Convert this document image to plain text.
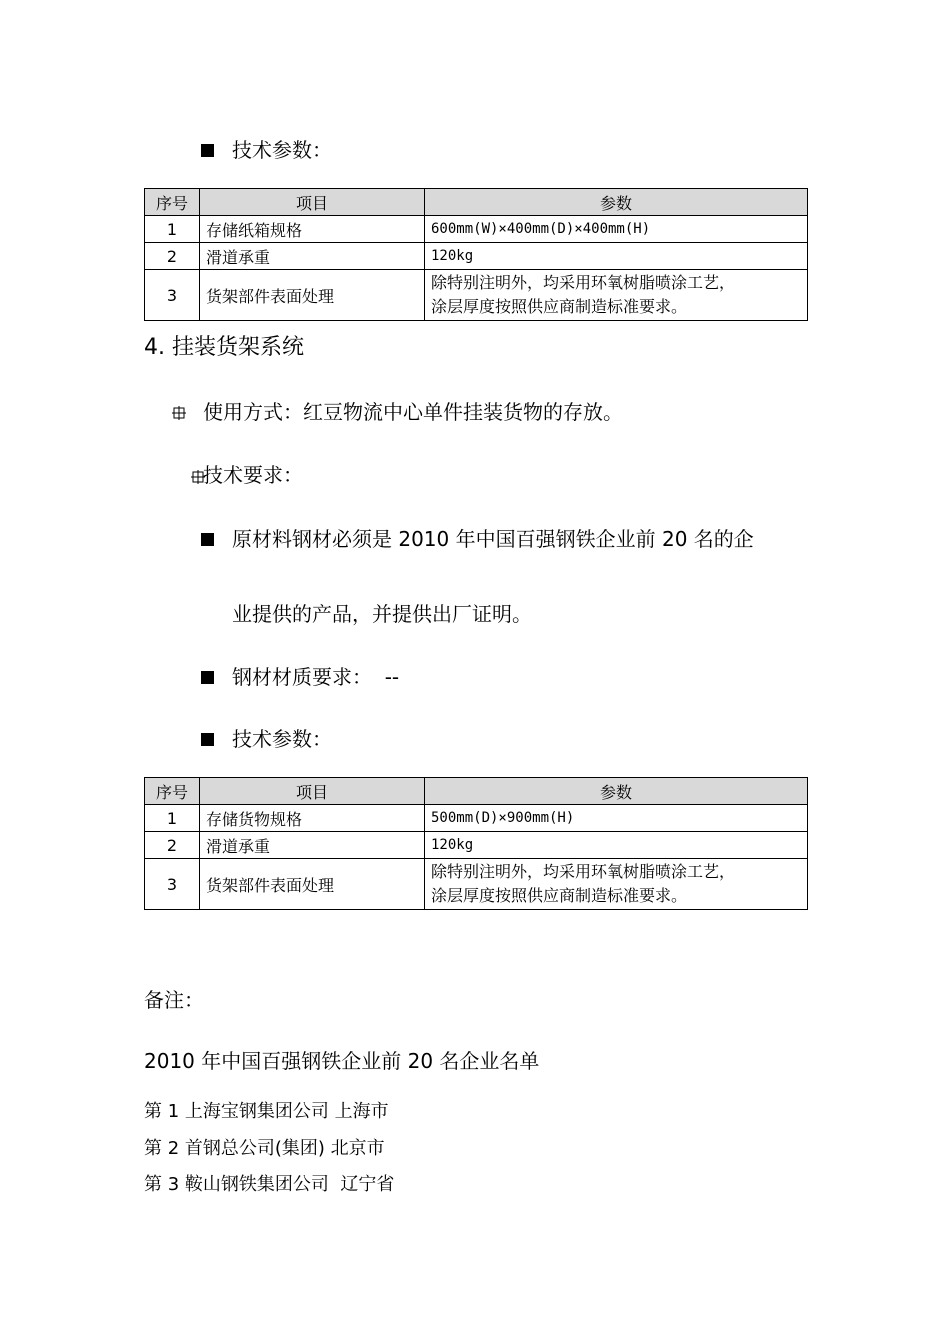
技术参数：
序号	项目	参数
1	存储纸箱规格	600mm(W)×400mm(D)×400mm(H)
2	滑道承重	120kg
3	货架部件表面处理	除特别注明外，均采用环氧树脂喷涂工艺，
涂层厚度按照供应商制造标准要求。
4. 挂装货架系统

使用方式：红豆物流中心单件挂装货物的存放。
技术要求：
原材料钢材必须是 2010 年中国百强钢铁企业前 20 名的企
业提供的产品，并提供出厂证明。
钢材材质要求：  --
技术参数：
序号	项目	参数
1	存储货物规格	500mm(D)×900mm(H)
2	滑道承重	120kg
3	货架部件表面处理	除特别注明外，均采用环氧树脂喷涂工艺，
涂层厚度按照供应商制造标准要求。
备注：
2010 年中国百强钢铁企业前 20 名企业名单
第 1 上海宝钢集团公司 上海市
第 2 首钢总公司(集团) 北京市
第 3 鞍山钢铁集团公司  辽宁省
